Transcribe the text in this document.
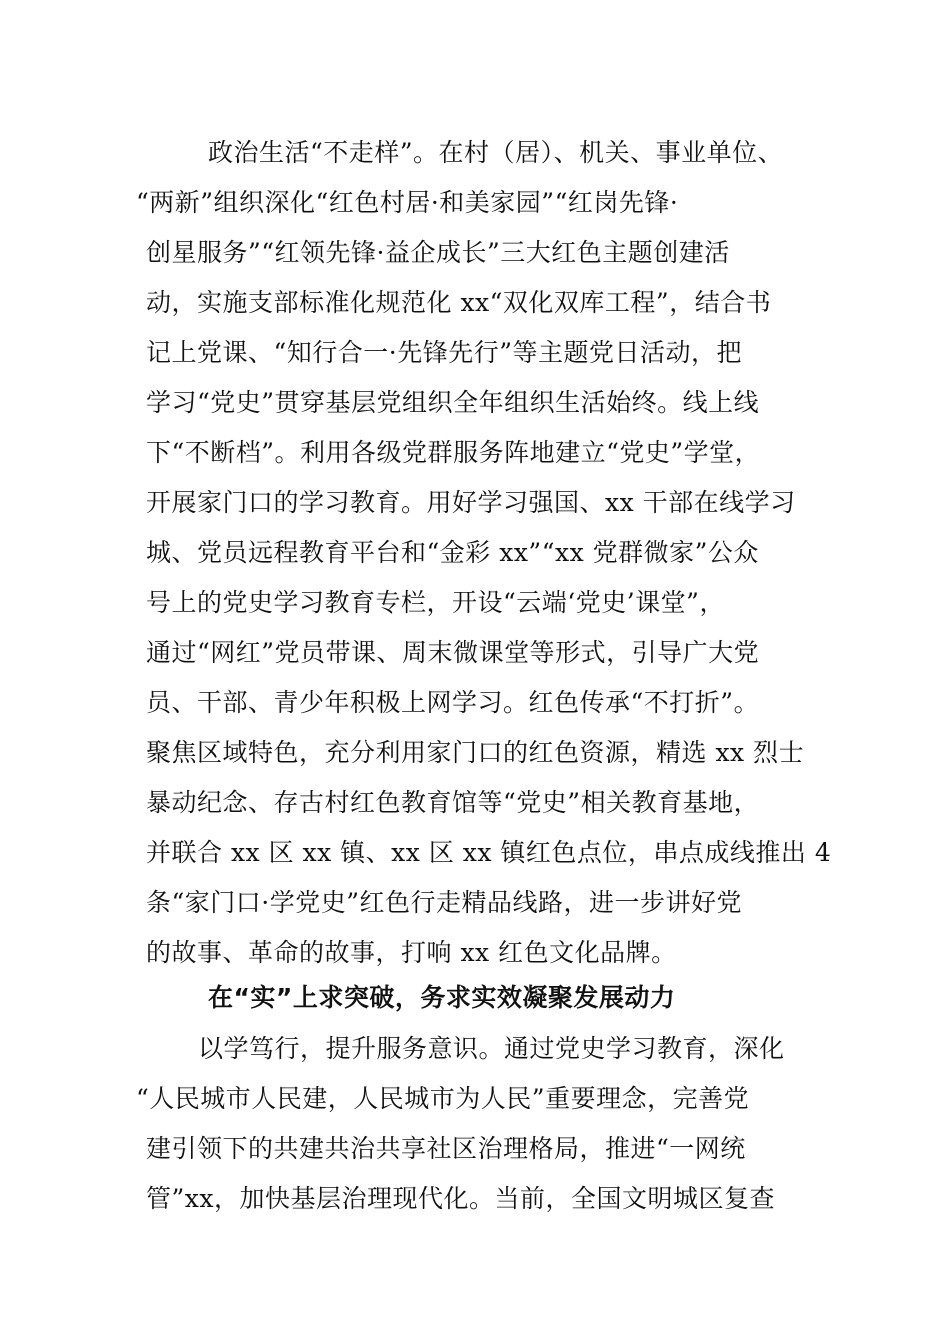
政治生活“不走样”。在村（居）、机关、事业单位、
“两新”组织深化“红色村居·和美家园”“红岗先锋·
创星服务”“红领先锋·益企成长”三大红色主题创建活
动，实施支部标准化规范化 xx“双化双库工程”，结合书
记上党课、“知行合一·先锋先行”等主题党日活动，把
学习“党史”贯穿基层党组织全年组织生活始终。线上线
下“不断档”。利用各级党群服务阵地建立“党史”学堂，
开展家门口的学习教育。用好学习强国、xx 干部在线学习
城、党员远程教育平台和“金彩 xx”“xx 党群微家”公众
号上的党史学习教育专栏，开设“云端‘党史’课堂”，
通过“网红”党员带课、周末微课堂等形式，引导广大党
员、干部、青少年积极上网学习。红色传承“不打折”。
聚焦区域特色，充分利用家门口的红色资源，精选 xx 烈士
暴动纪念、存古村红色教育馆等“党史”相关教育基地，
并联合 xx 区 xx 镇、xx 区 xx 镇红色点位，串点成线推出 4
条“家门口·学党史”红色行走精品线路，进一步讲好党
的故事、革命的故事，打响 xx 红色文化品牌。
在“实”上求突破，务求实效凝聚发展动力
以学笃行，提升服务意识。通过党史学习教育，深化
“人民城市人民建，人民城市为人民”重要理念，完善党
建引领下的共建共治共享社区治理格局，推进“一网统
管”xx，加快基层治理现代化。当前，全国文明城区复查
